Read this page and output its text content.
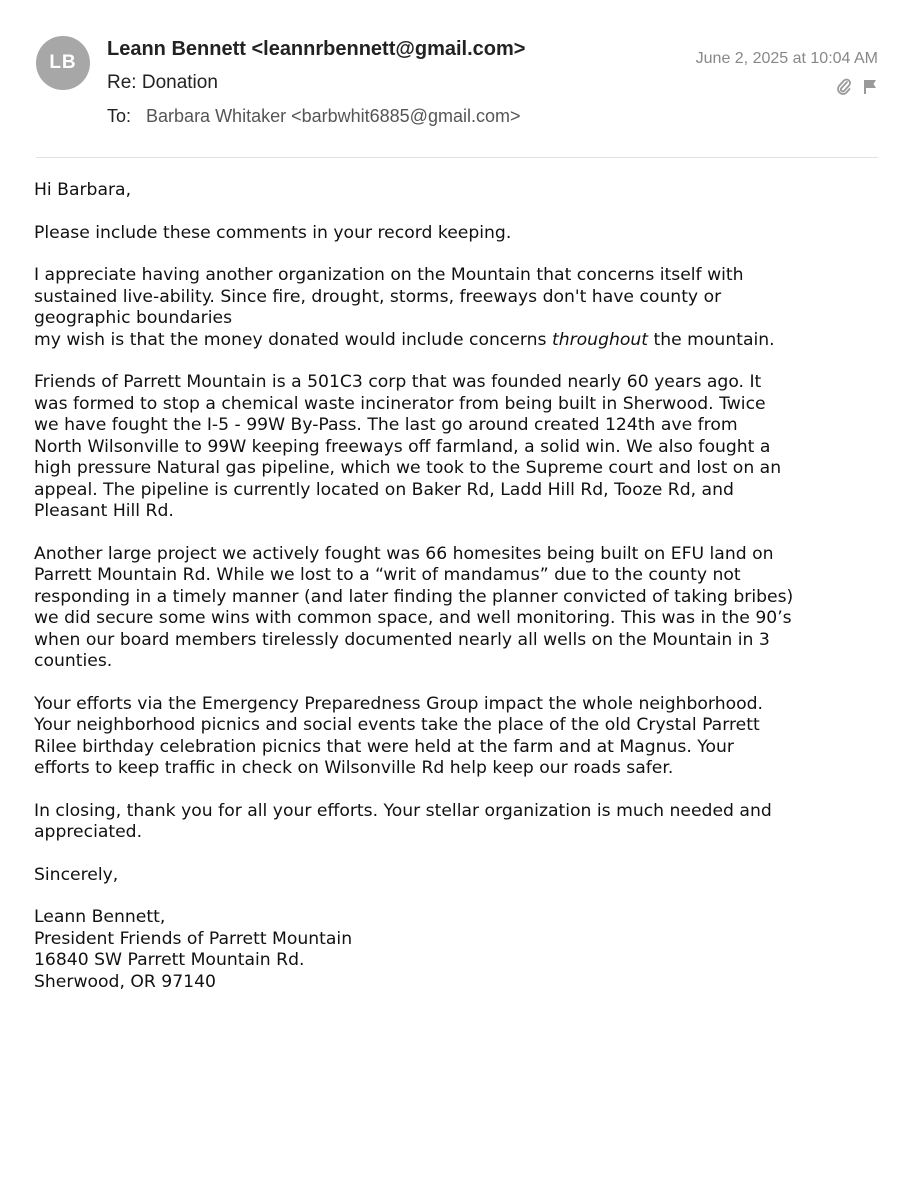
LB
Leann Bennett <leannrbennett@gmail.com>
Re: Donation
To: Barbara Whitaker <barbwhit6885@gmail.com>
June 2, 2025 at 10:04 AM

Hi Barbara,

Please include these comments in your record keeping.

I appreciate having another organization on the Mountain that concerns itself with
sustained live-ability. Since fire, drought, storms, freeways don't have county or
geographic boundaries
my wish is that the money donated would include concerns throughout the mountain.

Friends of Parrett Mountain is a 501C3 corp that was founded nearly 60 years ago. It
was formed to stop a chemical waste incinerator from being built in Sherwood. Twice
we have fought the I-5 - 99W By-Pass. The last go around created 124th ave from
North Wilsonville to 99W keeping freeways off farmland, a solid win. We also fought a
high pressure Natural gas pipeline, which we took to the Supreme court and lost on an
appeal. The pipeline is currently located on Baker Rd, Ladd Hill Rd, Tooze Rd, and
Pleasant Hill Rd.

Another large project we actively fought was 66 homesites being built on EFU land on
Parrett Mountain Rd. While we lost to a “writ of mandamus” due to the county not
responding in a timely manner (and later finding the planner convicted of taking bribes)
we did secure some wins with common space, and well monitoring. This was in the 90’s
when our board members tirelessly documented nearly all wells on the Mountain in 3
counties.

Your efforts via the Emergency Preparedness Group impact the whole neighborhood.
Your neighborhood picnics and social events take the place of the old Crystal Parrett
Rilee birthday celebration picnics that were held at the farm and at Magnus. Your
efforts to keep traffic in check on Wilsonville Rd help keep our roads safer.

In closing, thank you for all your efforts. Your stellar organization is much needed and
appreciated.

Sincerely,

Leann Bennett,
President Friends of Parrett Mountain
16840 SW Parrett Mountain Rd.
Sherwood, OR 97140
